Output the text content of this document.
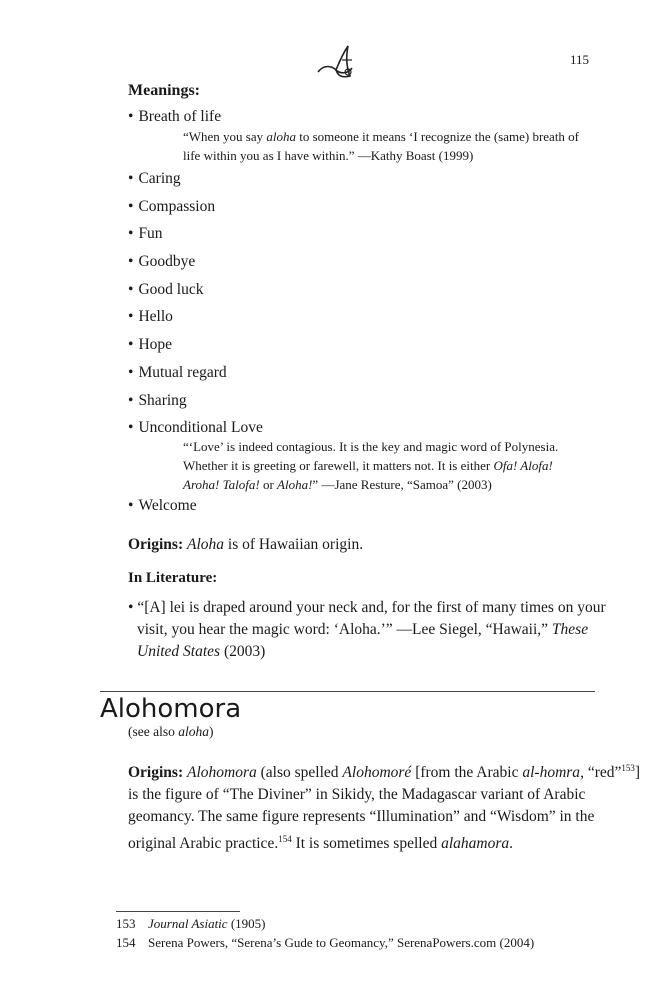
115
Meanings:
• Breath of life
“When you say aloha to someone it means ‘I recognize the (same) breath of
life within you as I have within.” —Kathy Boast (1999)
• Caring
• Compassion
• Fun
• Goodbye
• Good luck
• Hello
• Hope
• Mutual regard
• Sharing
• Unconditional Love
“‘Love’ is indeed contagious. It is the key and magic word of Polynesia.
Whether it is greeting or farewell, it matters not. It is either Ofa! Alofa!
Aroha! Talofa! or Aloha!” —Jane Resture, “Samoa” (2003)
• Welcome
Origins: Aloha is of Hawaiian origin.
In Literature:
• “[A] lei is draped around your neck and, for the first of many times on your
visit, you hear the magic word: ‘Aloha.’” —Lee Siegel, “Hawaii,” These
United States (2003)
Alohomora
(see also aloha)
Origins: Alohomora (also spelled Alohomoré [from the Arabic al-homra, “red”$^{153}$]
is the figure of “The Diviner” in Sikidy, the Madagascar variant of Arabic
geomancy. The same figure represents “Illumination” and “Wisdom” in the
original Arabic practice.$^{154}$ It is sometimes spelled alahamora.
153 Journal Asiatic (1905)
154 Serena Powers, “Serena’s Gude to Geomancy,” SerenaPowers.com (2004)
